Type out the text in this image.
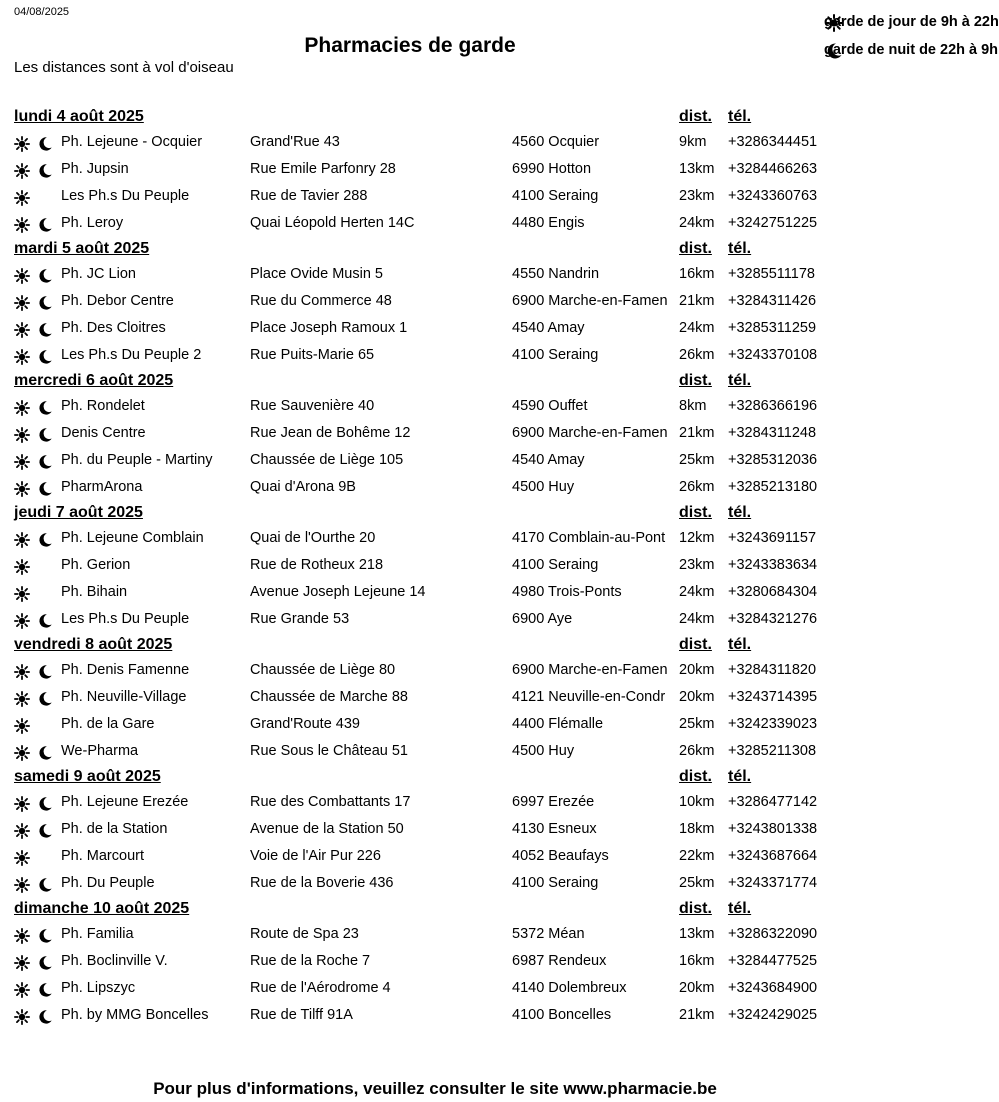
04/08/2025
Pharmacies de garde
Les distances sont à vol d'oiseau
garde de jour de 9h à 22h
garde de nuit de 22h à 9h
lundi 4 août 2025	dist. tél.
Ph. Lejeune - Ocquier	Grand'Rue 43	4560 Ocquier	9km +3286344451
Ph. Jupsin	Rue Emile Parfonry 28	6990 Hotton	13km +3284466263
Les Ph.s Du Peuple	Rue de Tavier 288	4100 Seraing	23km +3243360763
Ph. Leroy	Quai Léopold Herten 14C	4480 Engis	24km +3242751225
mardi 5 août 2025	dist. tél.
Ph. JC Lion	Place Ovide Musin 5	4550 Nandrin	16km +3285511178
Ph. Debor Centre	Rue du Commerce 48	6900 Marche-en-Famen 21km +3284311426
Ph. Des Cloitres	Place Joseph Ramoux 1	4540 Amay	24km +3285311259
Les Ph.s Du Peuple 2	Rue Puits-Marie 65	4100 Seraing	26km +3243370108
mercredi 6 août 2025	dist. tél.
Ph. Rondelet	Rue Sauvenière 40	4590 Ouffet	8km +3286366196
Denis Centre	Rue Jean de Bohême 12	6900 Marche-en-Famen 21km +3284311248
Ph. du Peuple - Martiny	Chaussée de Liège 105	4540 Amay	25km +3285312036
PharmArona	Quai d'Arona 9B	4500 Huy	26km +3285213180
jeudi 7 août 2025	dist. tél.
Ph. Lejeune Comblain	Quai de l'Ourthe 20	4170 Comblain-au-Pont 12km +3243691157
Ph. Gerion	Rue de Rotheux 218	4100 Seraing	23km +3243383634
Ph. Bihain	Avenue Joseph Lejeune 14	4980 Trois-Ponts	24km +3280684304
Les Ph.s Du Peuple	Rue Grande 53	6900 Aye	24km +3284321276
vendredi 8 août 2025	dist. tél.
Ph. Denis Famenne	Chaussée de Liège 80	6900 Marche-en-Famen 20km +3284311820
Ph. Neuville-Village	Chaussée de Marche 88	4121 Neuville-en-Condr 20km +3243714395
Ph. de la Gare	Grand'Route 439	4400 Flémalle	25km +3242339023
We-Pharma	Rue Sous le Château 51	4500 Huy	26km +3285211308
samedi 9 août 2025	dist. tél.
Ph. Lejeune Erezée	Rue des Combattants 17	6997 Erezée	10km +3286477142
Ph. de la Station	Avenue de la Station 50	4130 Esneux	18km +3243801338
Ph. Marcourt	Voie de l'Air Pur 226	4052 Beaufays	22km +3243687664
Ph. Du Peuple	Rue de la Boverie 436	4100 Seraing	25km +3243371774
dimanche 10 août 2025	dist. tél.
Ph. Familia	Route de Spa 23	5372 Méan	13km +3286322090
Ph. Boclinville V.	Rue de la Roche 7	6987 Rendeux	16km +3284477525
Ph. Lipszyc	Rue de l'Aérodrome 4	4140 Dolembreux	20km +3243684900
Ph. by MMG Boncelles	Rue de Tilff 91A	4100 Boncelles	21km +3242429025
Pour plus d'informations, veuillez consulter le site www.pharmacie.be
